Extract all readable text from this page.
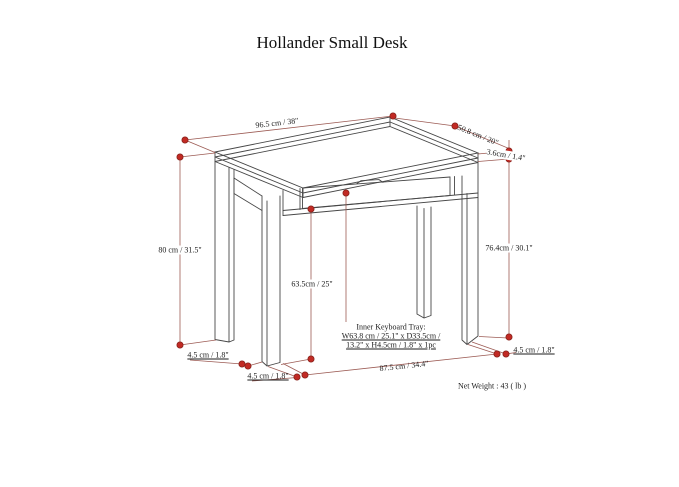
Hollander Small Desk
96.5 cm / 38"	50.8 cm / 20"
3.6cm / 1.4"
80 cm / 31.5"	76.4cm / 30.1"
63.5cm / 25"
4.5 cm / 1.8"
4.5 cm / 1.8"
4.5 cm / 1.8"
87.5 cm / 34.4"
Inner Keyboard Tray:
W63.8 cm / 25.1" x D33.5cm /
13.2" x H4.5cm / 1.8" x 1pc
Net Weight : 43 ( lb )
